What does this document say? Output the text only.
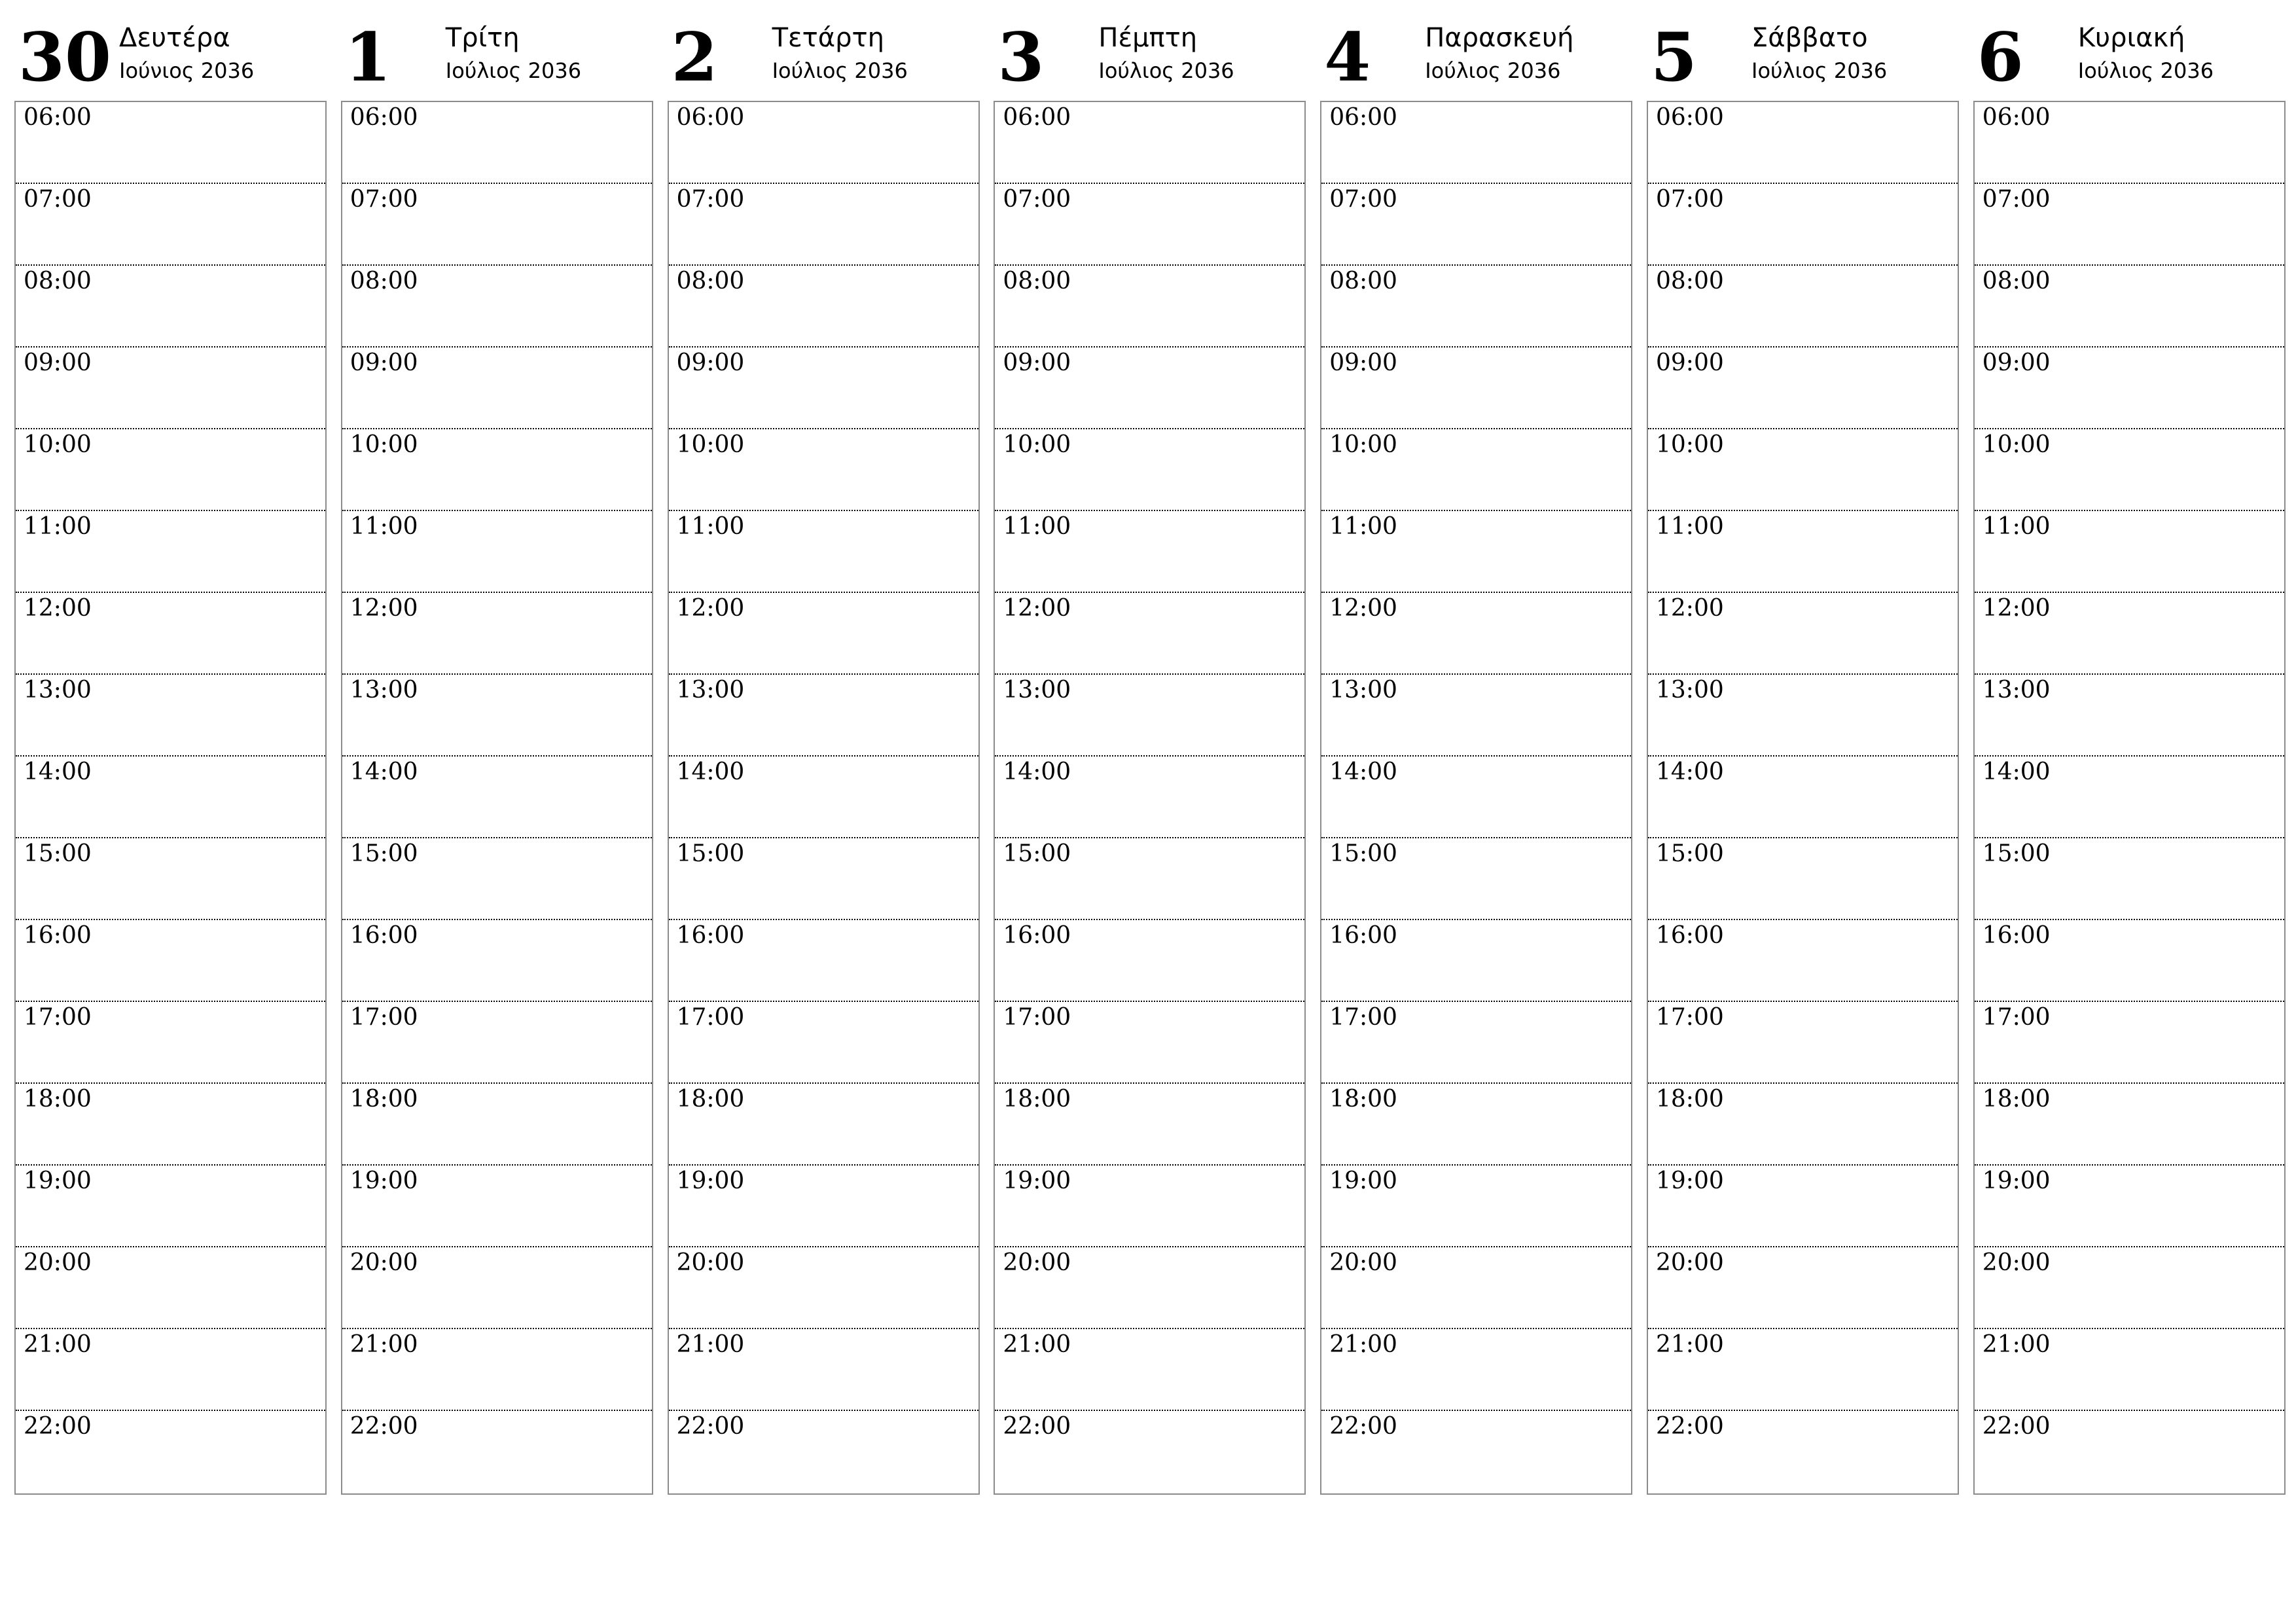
30 Δευτέρα
Ιούνιος 2036
06:00
07:00
08:00
09:00
10:00
11:00
12:00
13:00
14:00
15:00
16:00
17:00
18:00
19:00
20:00
21:00
22:00
1 Τρίτη
Ιούλιος 2036
06:00
07:00
08:00
09:00
10:00
11:00
12:00
13:00
14:00
15:00
16:00
17:00
18:00
19:00
20:00
21:00
22:00
2 Τετάρτη
Ιούλιος 2036
06:00
07:00
08:00
09:00
10:00
11:00
12:00
13:00
14:00
15:00
16:00
17:00
18:00
19:00
20:00
21:00
22:00
3 Πέμπτη
Ιούλιος 2036
06:00
07:00
08:00
09:00
10:00
11:00
12:00
13:00
14:00
15:00
16:00
17:00
18:00
19:00
20:00
21:00
22:00
4 Παρασκευή
Ιούλιος 2036
06:00
07:00
08:00
09:00
10:00
11:00
12:00
13:00
14:00
15:00
16:00
17:00
18:00
19:00
20:00
21:00
22:00
5 Σάββατο
Ιούλιος 2036
06:00
07:00
08:00
09:00
10:00
11:00
12:00
13:00
14:00
15:00
16:00
17:00
18:00
19:00
20:00
21:00
22:00
6 Κυριακή
Ιούλιος 2036
06:00
07:00
08:00
09:00
10:00
11:00
12:00
13:00
14:00
15:00
16:00
17:00
18:00
19:00
20:00
21:00
22:00
